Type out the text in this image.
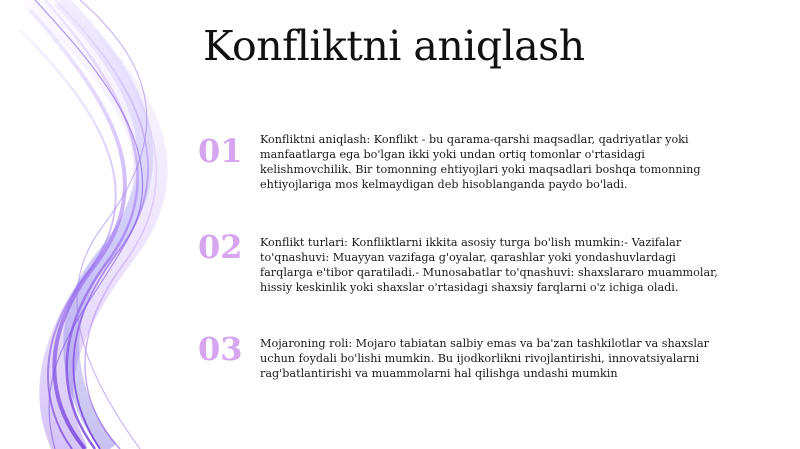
Konfliktni aniqlash
01 Konfliktni aniqlash: Konflikt - bu qarama-qarshi maqsadlar, qadriyatlar yoki manfaatlarga ega bo'lgan ikki yoki undan ortiq tomonlar o'rtasidagi kelishmovchilik. Bir tomonning ehtiyojlari yoki maqsadlari boshqa tomonning ehtiyojlariga mos kelmaydigan deb hisoblanganda paydo bo'ladi.
02 Konflikt turlari: Konfliktlarni ikkita asosiy turga bo'lish mumkin:- Vazifalar to'qnashuvi: Muayyan vazifaga g'oyalar, qarashlar yoki yondashuvlardagi farqlarga e'tibor qaratiladi.- Munosabatlar to'qnashuvi: shaxslararo muammolar, hissiy keskinlik yoki shaxslar o'rtasidagi shaxsiy farqlarni o'z ichiga oladi.
03 Mojaroning roli: Mojaro tabiatan salbiy emas va ba'zan tashkilotlar va shaxslar uchun foydali bo'lishi mumkin. Bu ijodkorlikni rivojlantirishi, innovatsiyalarni rag'batlantirishi va muammolarni hal qilishga undashi mumkin
